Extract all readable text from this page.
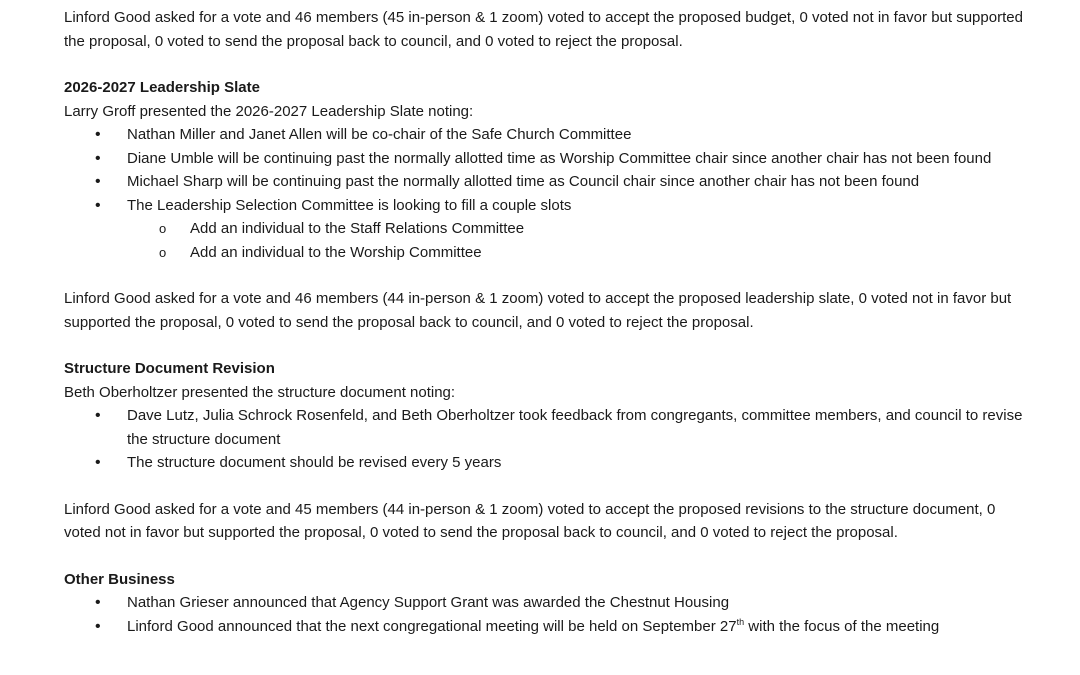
Linford Good asked for a vote and 46 members (45 in-person & 1 zoom) voted to accept the proposed budget, 0 voted not in favor but supported the proposal, 0 voted to send the proposal back to council, and 0 voted to reject the proposal.

2026-2027 Leadership Slate

Larry Groff presented the 2026-2027 Leadership Slate noting:

• Nathan Miller and Janet Allen will be co-chair of the Safe Church Committee
• Diane Umble will be continuing past the normally allotted time as Worship Committee chair since another chair has not been found
• Michael Sharp will be continuing past the normally allotted time as Council chair since another chair has not been found
• The Leadership Selection Committee is looking to fill a couple slots
o Add an individual to the Staff Relations Committee
o Add an individual to the Worship Committee

Linford Good asked for a vote and 46 members (44 in-person & 1 zoom) voted to accept the proposed leadership slate, 0 voted not in favor but supported the proposal, 0 voted to send the proposal back to council, and 0 voted to reject the proposal.

Structure Document Revision

Beth Oberholtzer presented the structure document noting:

• Dave Lutz, Julia Schrock Rosenfeld, and Beth Oberholtzer took feedback from congregants, committee members, and council to revise the structure document
• The structure document should be revised every 5 years

Linford Good asked for a vote and 45 members (44 in-person & 1 zoom) voted to accept the proposed revisions to the structure document, 0 voted not in favor but supported the proposal, 0 voted to send the proposal back to council, and 0 voted to reject the proposal.

Other Business

• Nathan Grieser announced that Agency Support Grant was awarded the Chestnut Housing
• Linford Good announced that the next congregational meeting will be held on September 27th with the focus of the meeting
